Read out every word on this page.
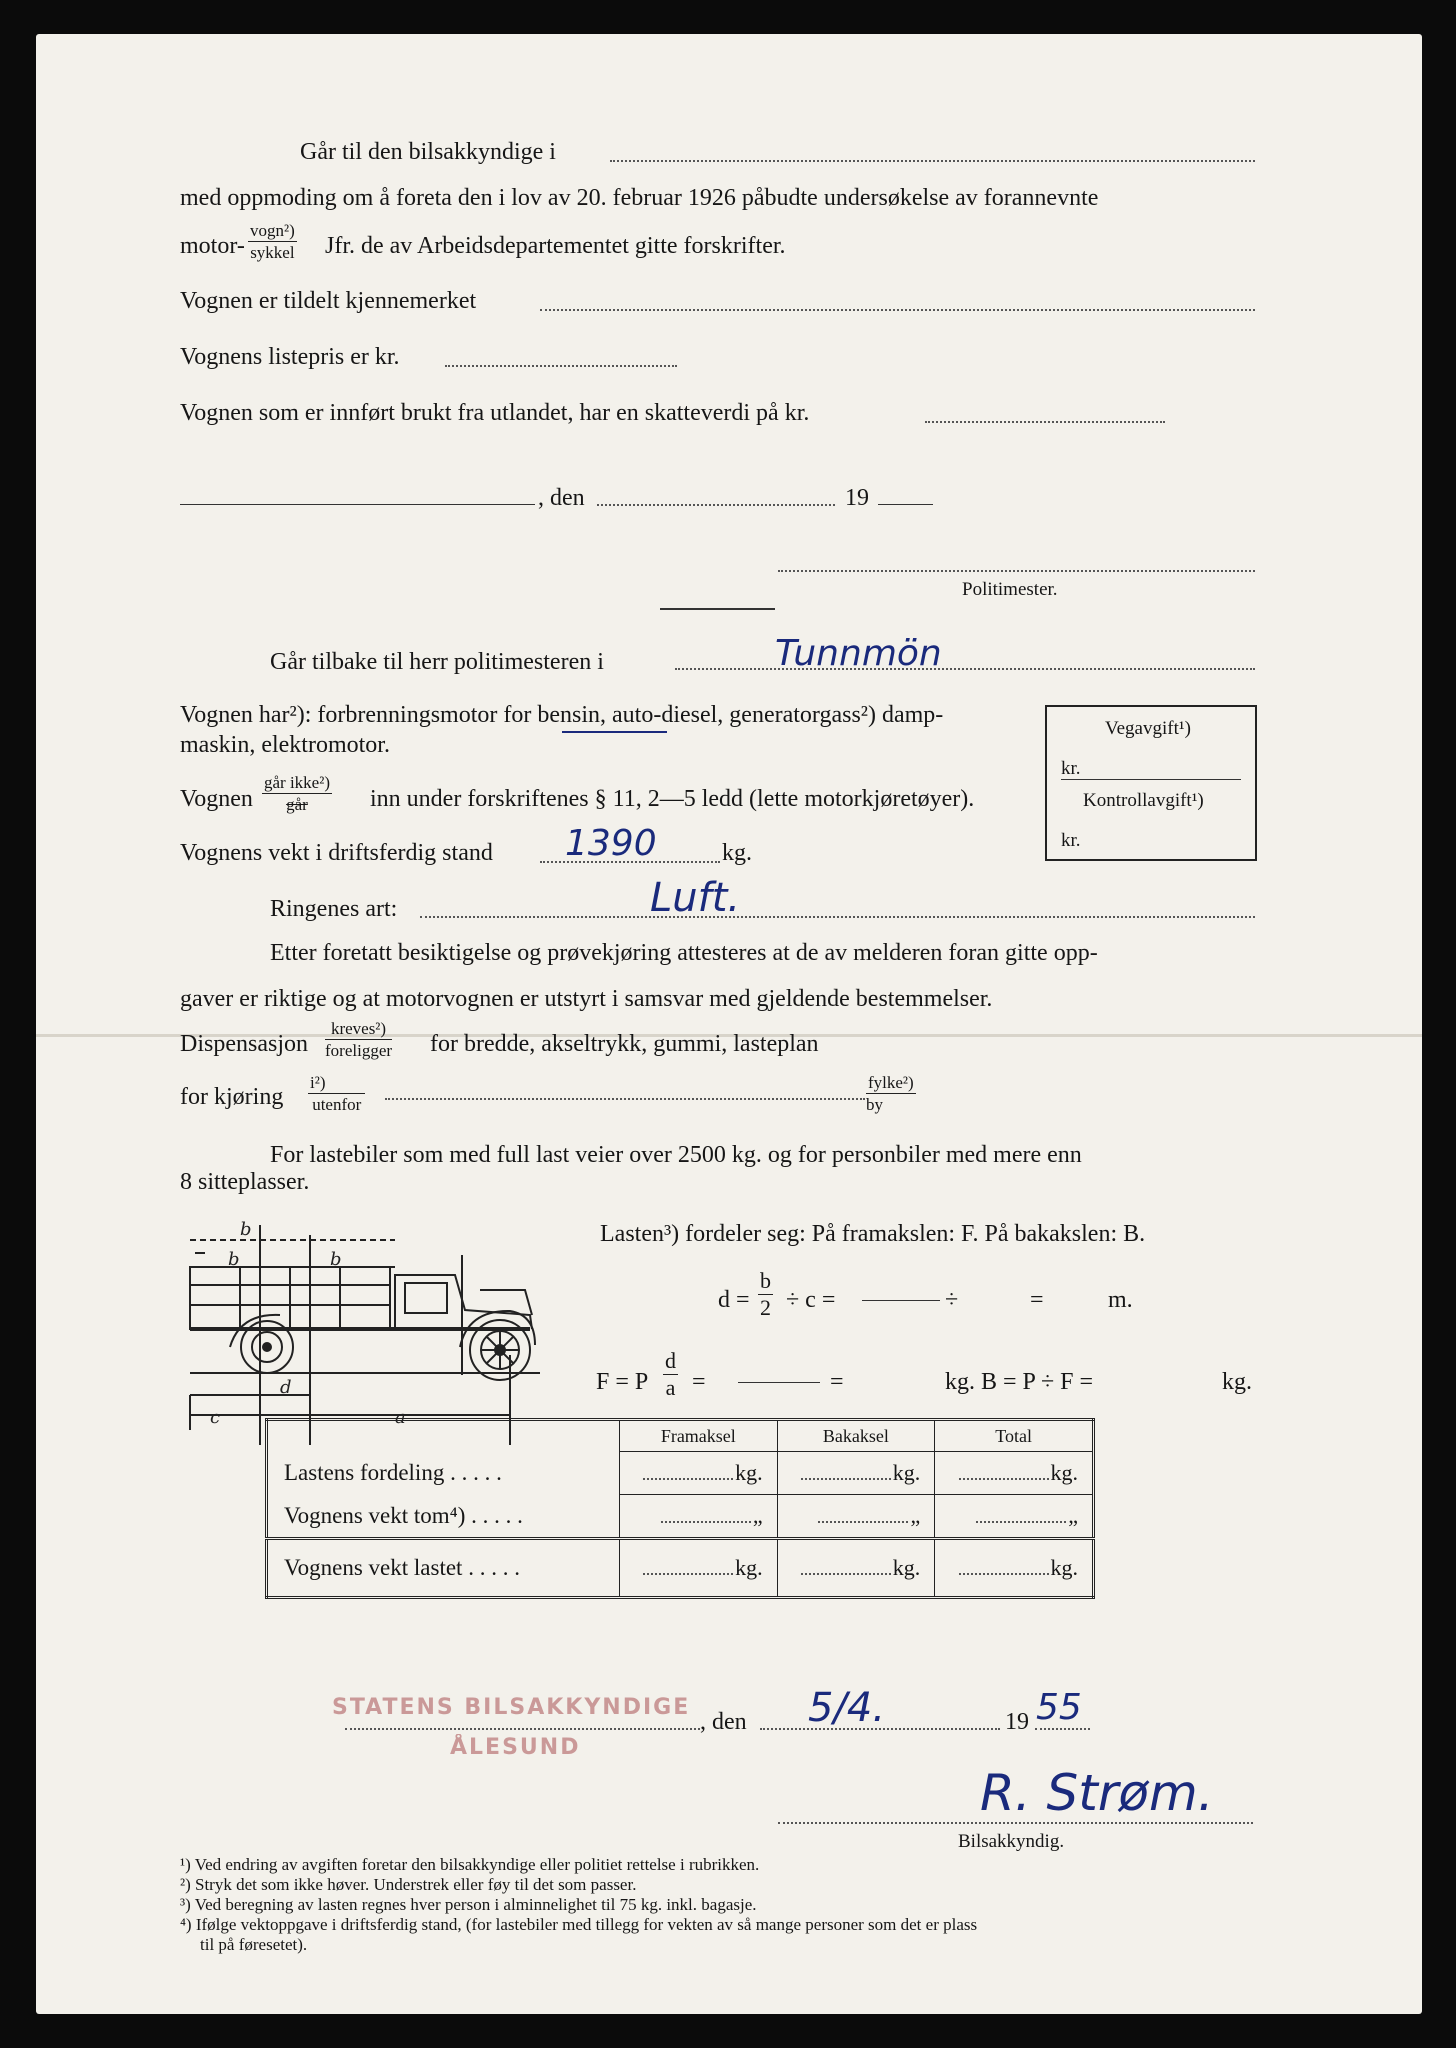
Går til den bilsakkyndige i
med oppmoding om å foreta den i lov av 20. februar 1926 påbudte undersøkelse av forannevnte
motor-
vogn²)
sykkel Jfr. de av Arbeidsdepartementet gitte forskrifter.
Vognen er tildelt kjennemerket
Vognens listepris er kr.
Vognen som er innført brukt fra utlandet, har en skatteverdi på kr.
, den	19
Politimester.
Går tilbake til herr politimesteren i	Tunnmön
Vognen har²): forbrenningsmotor for bensin, auto-diesel, generatorgass²) damp-
maskin, elektromotor.
Vognen
går ikke²)
går	inn under forskriftenes § 11, 2—5 ledd (lette motorkjøretøyer).
Vognens vekt i driftsferdig stand 1390	kg.
Ringenes art:	Luft.
Etter foretatt besiktigelse og prøvekjøring attesteres at de av melderen foran gitte opp-
gaver er riktige og at motorvognen er utstyrt i samsvar med gjeldende bestemmelser.
Dispensasjon
kreves²)
foreligger for bredde, akseltrykk, gummi, lasteplan
for kjøring
i²)
utenfor
fylke²)
by
For lastebiler som med full last veier over 2500 kg. og for personbiler med mere enn
8 sitteplasser.
Vegavgift¹)
kr.
Kontrollavgift¹)
kr.
b
b	b
d
c	a
Lasten³) fordeler seg: På framakslen: F. På bakakslen: B.
$d = \frac{b}{2} \div c$ =	÷	=	m.
F = P $\frac{d}{a}$ =	=	kg. B = P ÷ F =	kg.
	Framaksel	Bakaksel	Total
Lastens fordeling . . . . .	kg.	kg.	kg.
Vognens vekt tom⁴) . . . . .	„	„	„
Vognens vekt lastet . . . . .	kg.	kg.	kg.
STATENS BILSAKKYNDIGE
ÅLESUND
, den 5/4.	19 55
R. Strøm.
Bilsakkyndig.
¹) Ved endring av avgiften foretar den bilsakkyndige eller politiet rettelse i rubrikken.
²) Stryk det som ikke høver. Understrek eller føy til det som passer.
³) Ved beregning av lasten regnes hver person i alminnelighet til 75 kg. inkl. bagasje.
⁴) Ifølge vektoppgave i driftsferdig stand, (for lastebiler med tillegg for vekten av så mange personer som det er plass
til på føresetet).
